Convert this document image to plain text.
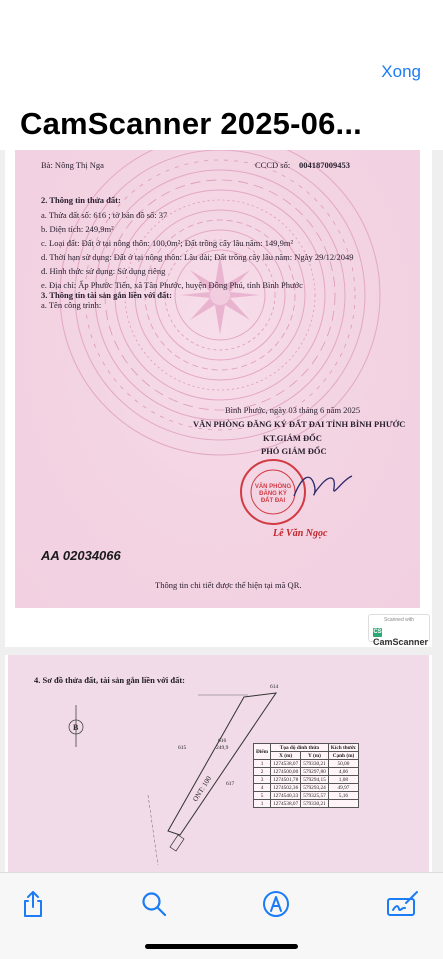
Xong
CamScanner 2025-06...
Bà: Nông Thị Nga	CCCD số: 004187009453
2. Thông tin thửa đất:
a. Thửa đất số: 616 ; tờ bản đồ số: 37
b. Diện tích: 249,9m²
c. Loại đất: Đất ở tại nông thôn: 100,0m²; Đất trồng cây lâu năm: 149,9m²
d. Thời hạn sử dụng: Đất ở tại nông thôn: Lâu dài; Đất trồng cây lâu năm: Ngày 29/12/2049
đ. Hình thức sử dụng: Sử dụng riêng
e. Địa chỉ: Ấp Phước Tiến, xã Tân Phước, huyện Đồng Phú, tỉnh Bình Phước
3. Thông tin tài sản gắn liền với đất:
a. Tên công trình:
Bình Phước, ngày 03 tháng 6 năm 2025
VĂN PHÒNG ĐĂNG KÝ ĐẤT ĐAI TỈNH BÌNH PHƯỚC
KT.GIÁM ĐỐC
PHÓ GIÁM ĐỐC
VĂN PHÒNG
ĐĂNG KÝ
ĐẤT ĐAI
Lê Văn Ngọc
AA 02034066
Thông tin chi tiết được thể hiện tại mã QR.
Scanned with
CSCamScanner
4. Sơ đồ thửa đất, tài sản gắn liền với đất:
B
614
615
617
616
249,9
ONT: 100
Điểm	Tọa độ đỉnh thửa		Kích thước
	X (m)	Y (m)	Cạnh (m)
1	1274538,07	579330,21	50,00
2	1274500,00	579297,80	4,06
3	1274501,78	579294,15	1,08
4	1274502,36	579293,24	49,97
5	1274540,33	579325,57	5,16
1	1274538,07	579330,21	
